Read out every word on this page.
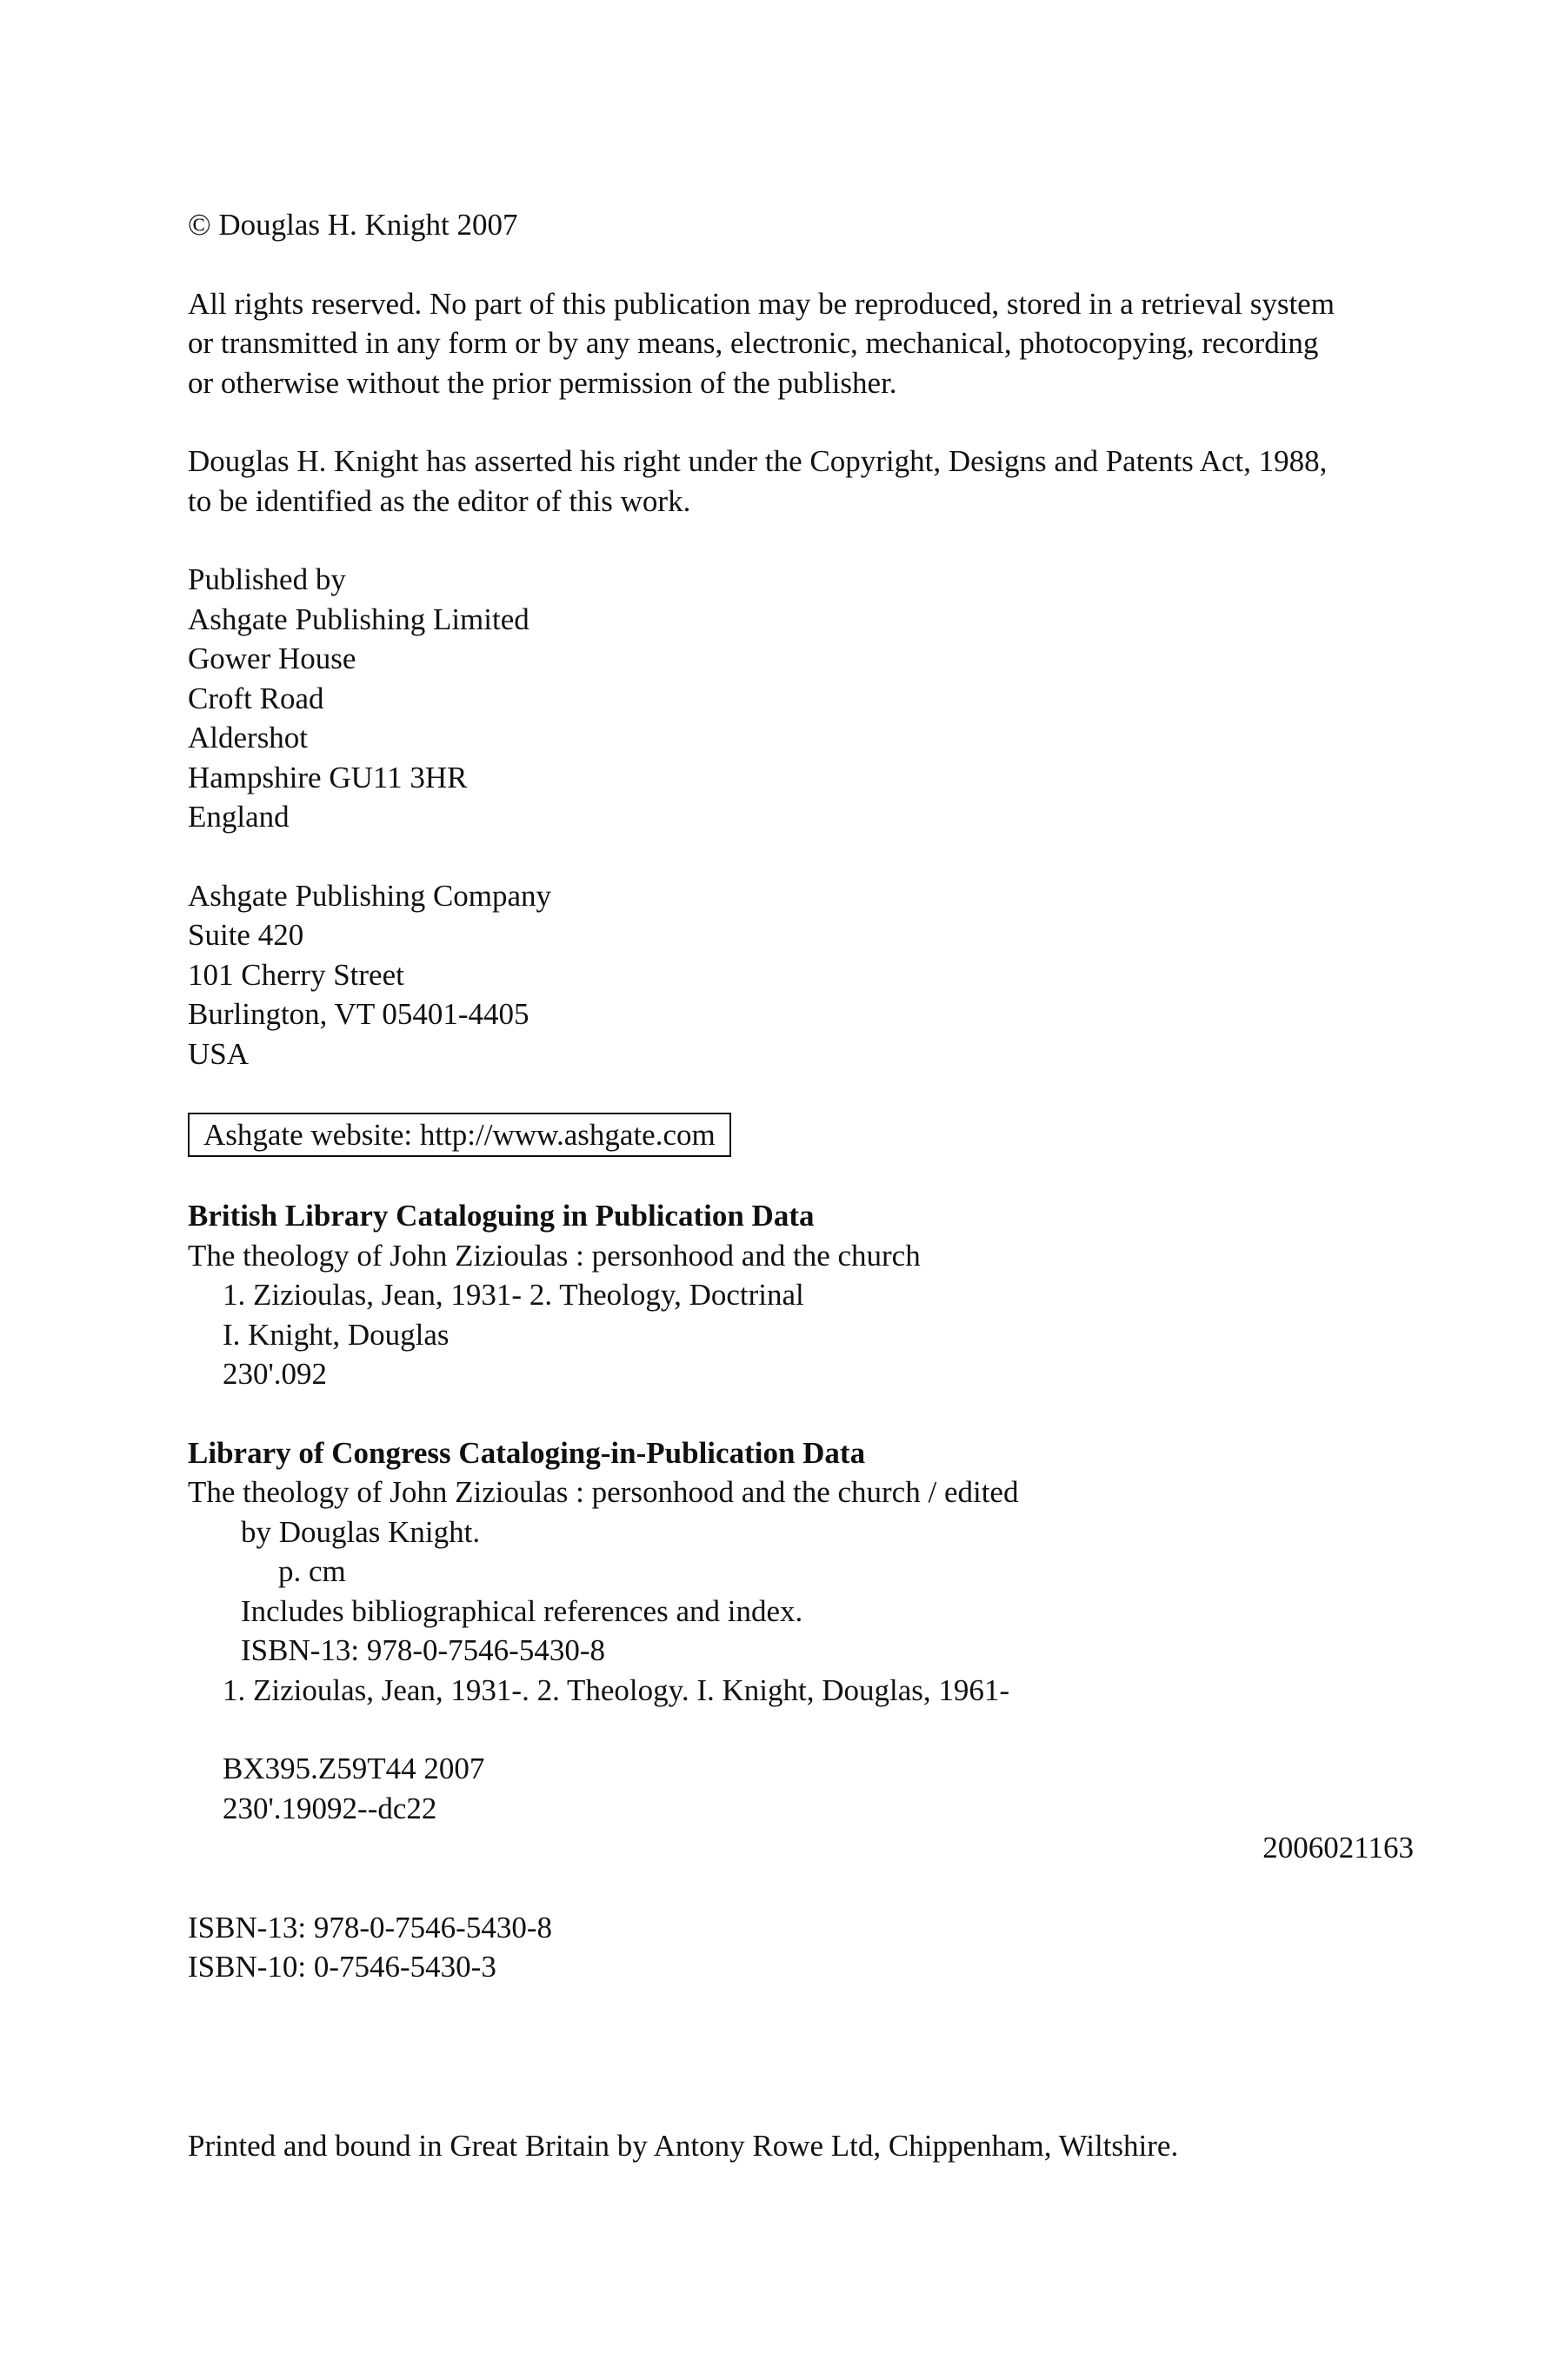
© Douglas H. Knight 2007
All rights reserved. No part of this publication may be reproduced, stored in a retrieval system
or transmitted in any form or by any means, electronic, mechanical, photocopying, recording
or otherwise without the prior permission of the publisher.
Douglas H. Knight has asserted his right under the Copyright, Designs and Patents Act, 1988,
to be identified as the editor of this work.
Published by
Ashgate Publishing Limited
Gower House
Croft Road
Aldershot
Hampshire GU11 3HR
England
Ashgate Publishing Company
Suite 420
101 Cherry Street
Burlington, VT 05401-4405
USA
Ashgate website: http://www.ashgate.com
British Library Cataloguing in Publication Data
The theology of John Zizioulas : personhood and the church
1. Zizioulas, Jean, 1931- 2. Theology, Doctrinal
I. Knight, Douglas
230'.092
Library of Congress Cataloging-in-Publication Data
The theology of John Zizioulas : personhood and the church / edited
by Douglas Knight.
p. cm
Includes bibliographical references and index.
ISBN-13: 978-0-7546-5430-8
1. Zizioulas, Jean, 1931-. 2. Theology. I. Knight, Douglas, 1961-
BX395.Z59T44 2007
230'.19092--dc22
2006021163
ISBN-13: 978-0-7546-5430-8
ISBN-10: 0-7546-5430-3
Printed and bound in Great Britain by Antony Rowe Ltd, Chippenham, Wiltshire.
